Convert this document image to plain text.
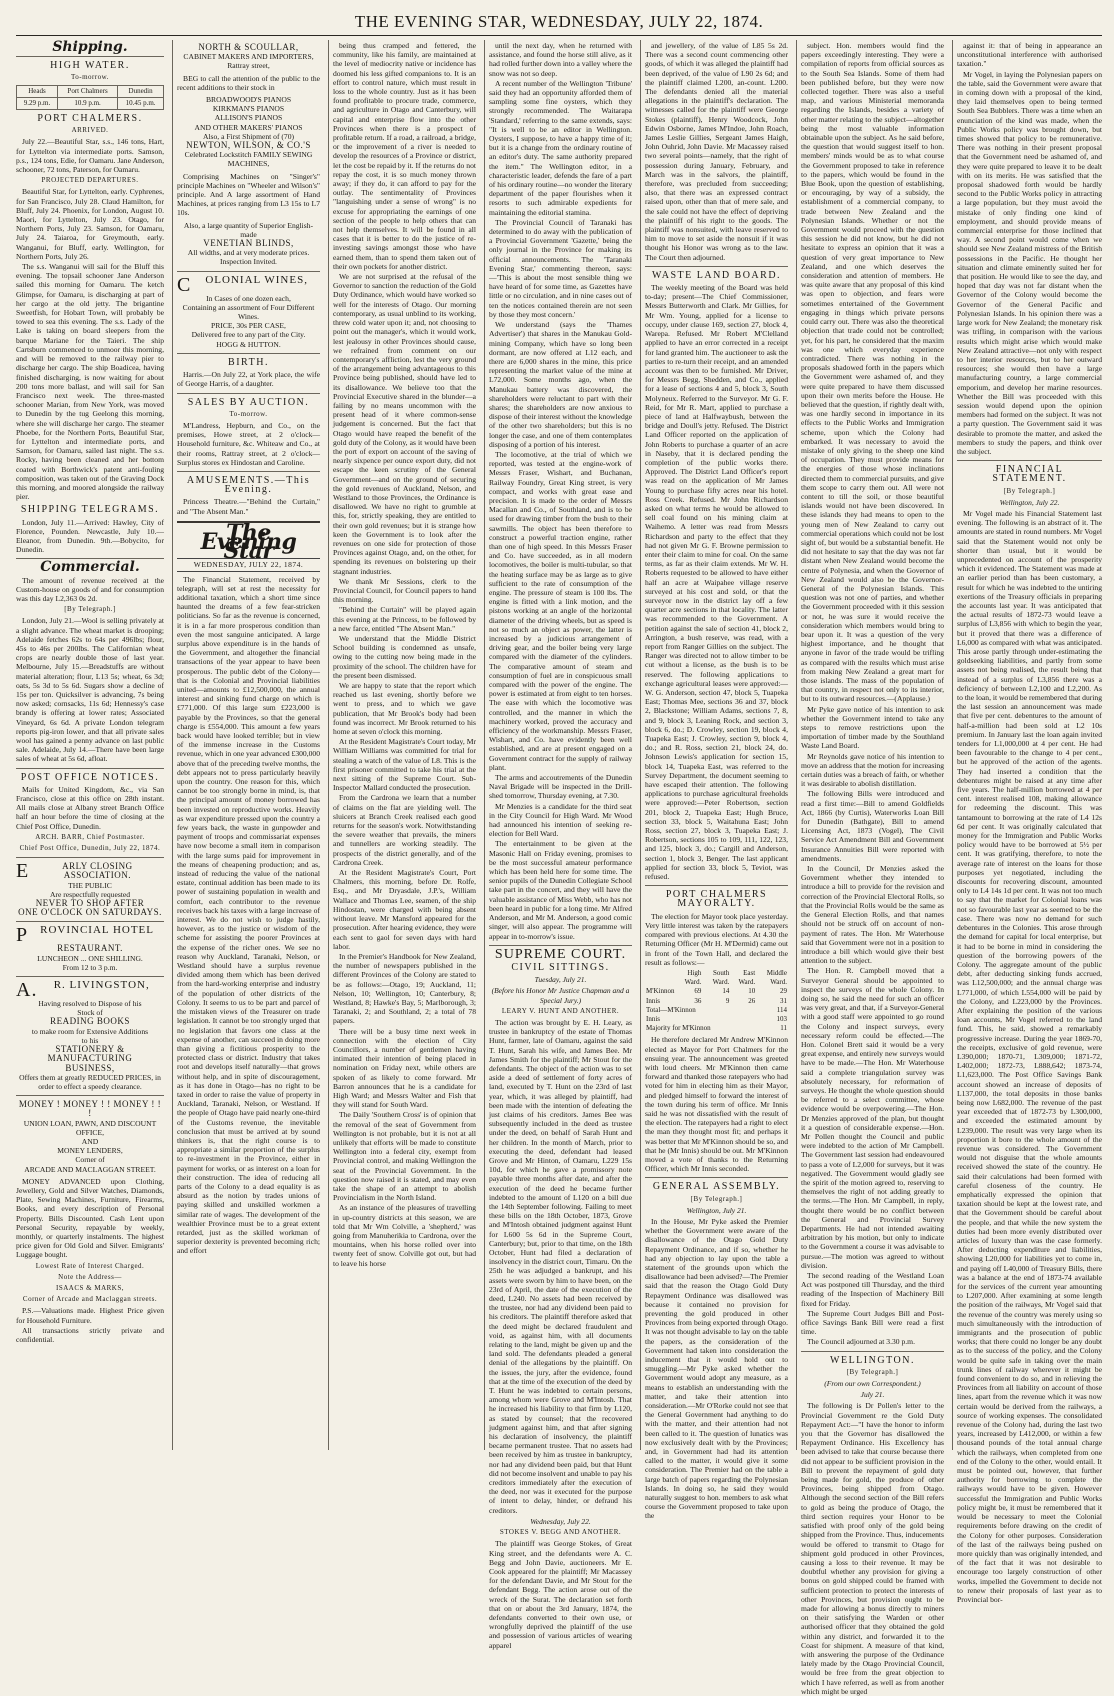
THE EVENING STAR, WEDNESDAY, JULY 22, 1874.
Shipping.
HIGH WATER.
To-morrow.
Heads	Port Chalmers	Dunedin
9.29 p.m.	10.9 p.m.	10.45 p.m.
PORT CHALMERS.
ARRIVED.

July 22.—Beautiful Star, s.s., 146 tons, Hart, for Lyttelton via intermediate ports. Samson, p.s., 124 tons, Edie, for Oamaru. Jane Anderson, schooner, 72 tons, Paterson, for Oamaru.

PROJECTED DEPARTURES.

Beautiful Star, for Lyttelton, early. Cyphrenes, for San Francisco, July 28. Claud Hamilton, for Bluff, July 24. Phoenix, for London, August 10. Maori, for Lyttelton, July 23. Otago, for Northern Ports, July 23. Samson, for Oamaru, July 24. Taiaroa, for Greymouth, early. Wanganui, for Bluff, early. Wellington, for Northern Ports, July 26.

The s.s. Wanganui will sail for the Bluff this evening. The topsail schooner Jane Anderson sailed this morning for Oamaru. The ketch Glimpse, for Oamaru, is discharging at part of her cargo at the old jetty. The brigantine Sweetfish, for Hobart Town, will probably be towed to sea this evening. The s.s. Lady of the Lake is taking on board sleepers from the barque Mariane for the Taieri. The ship Cartsburn commenced to unmoor this morning, and will be removed to the railway pier to discharge her cargo. The ship Boadicea, having finished discharging, is now waiting for about 200 tons more ballast, and will sail for San Francisco next week. The three-masted schooner Marian, from New York, was moved to Dunedin by the tug Geelong this morning, where she will discharge her cargo. The steamer Phoebe, for the Northern Ports, Beautiful Star, for Lyttelton and intermediate ports, and Samson, for Oamaru, sailed last night. The s.s. Rocky, having been cleaned and her bottom coated with Borthwick's patent anti-fouling composition, was taken out of the Graving Dock this morning, and moored alongside the railway pier.

SHIPPING TELEGRAMS.

London, July 11.—Arrived: Hawley, City of Florence, Pounden. Newcastle, July 10.—Eleanor, from Dunedin. 9th.—Bobycito, for Dunedin.

Commercial.

The amount of revenue received at the Custom-house on goods of and for consumption was this day L2,363 0s 2d.

[By Telegraph.]

London, July 21.—Wool is selling privately at a slight advance. The wheat market is drooping; Adelaide fetches 62s to 64s per 496lbs; flour, 45s to 46s per 200lbs. The Californian wheat crops are nearly double those of last year. Melbourne, July 15.—Breadstuffs are without material alteration; flour, L13 5s; wheat, 6s 3d; oats, 5s 3d to 5s 6d. Sugars show a decline of 15s per ton. Quicksilver is advancing, 7s being now asked; cornsacks, 11s 6d; Hennessy's case brandy is offering at lower rates; Associated Vineyard, 6s 6d. A private London telegram reports pig-iron lower, and that all private sales wool has gained a penny advance on last public sale. Adelaide, July 14.—There have been large sales of wheat at 5s 6d, afloat.

POST OFFICE NOTICES.

Mails for United Kingdom, &c., via San Francisco, close at this office on 28th instant. All mails close at Albany street Branch Office half an hour before the time of closing at the Chief Post Office, Dunedin.

ARCH. BARR, Chief Postmaster.
Chief Post Office, Dunedin, July 22, 1874.
E	ARLY CLOSING ASSOCIATION.
THE PUBLIC
Are respectfully requested
NEVER TO SHOP AFTER
ONE O'CLOCK ON SATURDAYS.
P ROVINCIAL HOTEL
RESTAURANT.
LUNCHEON ... ONE SHILLING.
From 12 to 3 p.m.
A. R. LIVINGSTON,
Having resolved to Dispose of his
Stock of
READING BOOKS
to make room for Extensive Additions
to his
STATIONERY & MANUFACTURING
BUSINESS,
Offers them at greatly REDUCED PRICES, in order to effect a speedy clearance.
MONEY ! MONEY ! ! MONEY ! ! !
UNION LOAN, PAWN, AND DISCOUNT OFFICE,
AND
MONEY LENDERS,
Corner of
ARCADE AND MACLAGGAN STREET.

MONEY ADVANCED upon Clothing, Jewellery, Gold and Silver Watches, Diamonds, Plate, Sewing Machines, Furniture, Firearms, Books, and every description of Personal Property. Bills Discounted. Cash Lent upon Personal Security, repayable by weekly, monthly, or quarterly instalments. The highest price given for Old Gold and Silver. Emigrants' Luggage bought.

Lowest Rate of Interest Charged.
Note the Address—
ISAACS & MARKS,
Corner of Arcade and Maclaggan streets.

P.S.—Valuations made. Highest Price given for Household Furniture.

All transactions strictly private and confidential.

NORTH & SCOULLAR,
CABINET MAKERS AND IMPORTERS, Rattray street,

BEG to call the attention of the public to the recent additions to their stock in

BROADWOOD'S PIANOS
KIRKMAN'S PIANOS
ALLISON'S PIANOS
AND OTHER MAKERS' PIANOS
Also, a First Shipment of (70)
NEWTON, WILSON, & CO.'S
Celebrated Lockstitch FAMILY SEWING MACHINES,

Comprising Machines on "Singer's" principle Machines on "Wheeler and Wilson's" principle. And A large assortment of Hand Machines, at prices ranging from L3 15s to L7 10s.

Also, a large quantity of Superior English-made
VENETIAN BLINDS,
All widths, and at very moderate prices.
Inspection Invited.
C OLONIAL WINES,
In Cases of one dozen each,
Containing an assortment of Four Different
Wines.
PRICE, 30s PER CASE,
Delivered free to any part of the City.
HOGG & HUTTON.
BIRTH.

Harris.—On July 22, at York place, the wife of George Harris, of a daughter.

SALES BY AUCTION.
To-morrow.

M'Landress, Hepburn, and Co., on the premises, Howe street, at 2 o'clock—Household furniture, &c. Whiteaw and Co., at their rooms, Rattray street, at 2 o'clock—Surplus stores ex Hindostan and Caroline.

AMUSEMENTS.—This Evening.

Princess Theatre.—"Behind the Curtain," and "The Absent Man."

The Evening Star
WEDNESDAY, JULY 22, 1874.

The Financial Statement, received by telegraph, will set at rest the necessity for additional taxation, which a short time since haunted the dreams of a few fear-stricken politicians. So far as the revenue is concerned, it is in a far more prosperous condition than even the most sanguine anticipated. A large surplus above expenditure is in the hands of the Government, and altogether the financial transactions of the year appear to have been prosperous. The public debt of the Colony—that is the Colonial and Provincial liabilities united—amounts to £12,500,000, the annual interest and sinking fund charge on which is £771,000. Of this large sum £223,000 is payable by the Provinces, so that the general charge is £554,000. This amount a few years back would have looked terrible; but in view of the immense increase in the Customs revenue, which in one year advanced £300,000 above that of the preceding twelve months, the debt appears not to press particularly heavily upon the country. One reason for this, which cannot be too strongly borne in mind, is, that the principal amount of money borrowed has been invested on reproductive works. Heavily as war expenditure pressed upon the country a few years back, the waste in gunpowder and payment of troops and commissariat expenses have now become a small item in comparison with the large sums paid for improvement in the means of cheapening production; and as, instead of reducing the value of the national estate, continual addition has been made to its power of sustaining population in wealth and comfort, each contributor to the revenue receives back his taxes with a large increase of interest. We do not wish to judge hastily, however, as to the justice or wisdom of the scheme for assisting the poorer Provinces at the expense of the richer ones. We see no reason why Auckland, Taranaki, Nelson, or Westland should have a surplus revenue divided among them which has been derived from the hard-working enterprise and industry of the population of other districts of the Colony. It seems to us to be part and parcel of the mistaken views of the Treasurer on trade legislation. It cannot be too strongly urged that no legislation that favors one class at the expense of another, can succeed in doing more than giving a fictitious prosperity to the protected class or district. Industry that takes root and develops itself naturally—that grows without help, and in spite of discouragement, as it has done in Otago—has no right to be taxed in order to raise the value of property in Auckland, Taranaki, Nelson, or Westland. If the people of Otago have paid nearly one-third of the Customs revenue, the inevitable conclusion that must be arrived at by sound thinkers is, that the right course is to appropriate a similar proportion of the surplus to re-investment in the Province, either in payment for works, or as interest on a loan for their construction. The idea of reducing all parts of the Colony to a dead equality is as absurd as the notion by trades unions of paying skilled and unskilled workmen a similar rate of wages. The development of the wealthier Province must be to a great extent retarded, just as the skilled workman of superior dexterity is prevented becoming rich; and effort

being thus cramped and fettered, the community, like his family, are maintained at the level of mediocrity native or incidence has doomed his less gifted companions to. It is an effort to control nature, which must result in loss to the whole country. Just as it has been found profitable to procure trade, commerce, and agriculture in Otago and Canterbury, will capital and enterprise flow into the other Provinces when there is a prospect of profitable return. If a road, a railroad, a bridge, or the improvement of a river is needed to develop the resources of a Province or district, let the cost be repaid by it. If the returns do not repay the cost, it is so much money thrown away; if they do, it can afford to pay for the outlay. The sentimentality of Provinces "languishing under a sense of wrong" is no excuse for appropriating the earnings of one section of the people to help others that can not help themselves. It will be found in all cases that it is better to do the justice of re-investing savings amongst those who have earned them, than to spend them taken out of their own pockets for another district.

We are not surprised at the refusal of the Governor to sanction the reduction of the Gold Duty Ordinance, which would have worked so well for the interests of Otago. Our morning contemporary, as usual unblind to its working, threw cold water upon it; and, not choosing to point out the manager's, which it would work, lest jealousy in other Provinces should cause, we refrained from comment on our contemporary's affliction, lest the very ground of the arrangement being advantageous to this Province being published, should have led to its disallowance. We believe too that the Provincial Executive shared in the blunder—a failing by no means uncommon with the present head of it where common-sense judgement is concerned. But the fact that Otago would have reaped the benefit of the gold duty of the Colony, as it would have been the port of export on account of the saving of nearly sixpence per ounce export duty, did not escape the keen scrutiny of the General Government—and on the ground of securing the gold revenues of Auckland, Nelson, and Westland to those Provinces, the Ordinance is disallowed. We have no right to grumble at this, for, strictly speaking, they are entitled to their own gold revenues; but it is strange how keen the Government is to look after the revenues on one side for protection of those Provinces against Otago, and, on the other, for spending its revenues on bolstering up their stagnant industries.

We thank Mr Sessions, clerk to the Provincial Council, for Council papers to hand this morning.

"Behind the Curtain" will be played again this evening at the Princess, to be followed by a new farce, entitled "The Absent Man."

We understand that the Middle District School building is condemned as unsafe, owing to the cutting now being made in the proximity of the school. The children have for the present been dismissed.

We are happy to state that the report which reached us last evening, shortly before we went to press, and to which we gave publication, that Mr Brook's body had been found was incorrect. Mr Brook returned to his home at seven o'clock this morning.

At the Resident Magistrate's Court today, Mr William Williams was committed for trial for stealing a watch of the value of L8. This is the first prisoner committed to take his trial at the next sitting of the Supreme Court. Sub-Inspector Mallard conducted the prosecution.

From the Cardrona we learn that a number of claims on the flat are yielding well. The sluicers at Branch Creek realised each good returns for the season's work. Notwithstanding the severe weather that prevails, the miners and tunnellers are working steadily. The prospects of the district generally, and of the Cardrona Creek.

At the Resident Magistrate's Court, Port Chalmers, this morning, before Dr. Rolfe, Esq., and Mr Dryasdale, J.P.'s, William Wallace and Thomas Lee, seamen, of the ship Hindostan, were charged with being absent without leave. Mr Mansford appeared for the prosecution. After hearing evidence, they were each sent to gaol for seven days with hard labor.

In the Premier's Handbook for New Zealand, the number of newspapers published in the different Provinces of the Colony are stated to be as follows:—Otago, 19; Auckland, 11; Nelson, 10; Wellington, 10; Canterbury, 8; Westland, 8; Hawke's Bay, 5; Marlborough, 3; Taranaki, 2; and Southland, 2; a total of 78 papers.

There will be a busy time next week in connection with the election of City Councillors, a number of gentlemen having intimated their intention of being placed in nomination on Friday next, while others are spoken of as likely to come forward. Mr Barron announces that he is a candidate for High Ward; and Messrs Walter and Fish that they will stand for South Ward.

The Daily 'Southern Cross' is of opinion that the removal of the seat of Government from Wellington is not probable, but it is not at all unlikely that efforts will be made to constitute Wellington into a federal city, exempt from Provincial control, and making Wellington the seat of the Provincial Government. In the question now raised it is stated, and may even take the shape of an attempt to abolish Provincialism in the North Island.

As an instance of the pleasures of travelling in up-country districts at this season, we are told that Mr Wm Colville, a 'shepherd,' was going from Manuherikia to Cardrona, over the mountains, when his horse rolled over into twenty feet of snow. Colville got out, but had to leave his horse

until the next day, when he returned with assistance, and found the horse still alive, as it had rolled further down into a valley where the snow was not so deep.

A recent number of the Wellington 'Tribune' said they had an opportunity afforded them of sampling some fine oysters, which they strongly recommended. The Waitarapa 'Standard,' referring to the same extends, says: "It is well to be an editor in Wellington. Oysters, I suppose, to have a happy time of it; but it is a change from the ordinary routine of an editor's duty. The same authority prepared the item." The Wellington editor, in a characteristic leader, defends the fare of a part of his ordinary routine—no wonder the literary department of the paper flourishes when it resorts to such admirable expedients for maintaining the editorial stamina.

The Provincial Council of Taranaki has determined to do away with the publication of a Provincial Government 'Gazette,' being the only journal in the Province for making its official announcements. The 'Taranaki Evening Star,' commenting thereon, says:—'This is about the most sensible thing we have heard of for some time, as Gazettes have little or no circulation, and in nine cases out of ten the notices contained therein are not seen by those they most concern.'

We understand (says the 'Thames Advertiser') that shares in the Manukau Gold-mining Company, which have so long been dormant, are now offered at L12 each, and there are 6,000 shares in the mine, this price representing the market value of the mine at L72,000. Some months ago, when the Manukau battery was discovered, the shareholders were reluctant to part with their shares; the shareholders are now anxious to dispose of their interest without the knowledge of the other two shareholders; but this is no longer the case, and one of them contemplates disposing of a portion of his interest.

The locomotive, at the trial of which we reported, was tested at the engine-work of Messrs Fraser, Wishart, and Buchanan, Railway Foundry, Great King street, is very compact, and works with great ease and precision. It is made to the order of Messrs Macallan and Co., of Southland, and is to be used for drawing timber from the bush to their sawmills. The object has been therefore to construct a powerful traction engine, rather than one of high speed. In this Messrs Fraser and Co. have succeeded, as in all modern locomotives, the boiler is multi-tubular, so that the heating surface may be as large as to give sufficient to the rate of consumption of the engine. The pressure of steam is 100 lbs. The engine is fitted with a link motion, and the pistons working at an angle of the horizontal diameter of the driving wheels, but as speed is not so much an object as power, the latter is increased by a judicious arrangement of driving gear, and the boiler being very large compared with the diameter of the cylinders. The comparative amount of steam and consumption of fuel are in conspicuous small compared with the power of the engine. The power is estimated at from eight to ten horses. The ease with which the locomotive was controlled, and the manner in which the machinery worked, proved the accuracy and efficiency of the workmanship. Messrs Fraser, Wishart, and Co. have evidently been well established, and are at present engaged on a Government contract for the supply of railway plant.

The arms and accoutrements of the Dunedin Naval Brigade will be inspected in the Drill-shed tomorrow, Thursday evening, at 7.30.

Mr Menzies is a candidate for the third seat in the City Council for High Ward. Mr Wood had announced his intention of seeking re-election for Bell Ward.

The entertainment to be given at the Masonic Hall on Friday evening, promises to be the most successful amateur performance which has been held here for some time. The senior pupils of the Dunedin Collegiate School take part in the concert, and they will have the valuable assistance of Miss Webb, who has not been heard in public for a long time. Mr Alfred Anderson, and Mr M. Anderson, a good comic singer, will also appear. The programme will appear in to-morrow's issue.

SUPREME COURT.
CIVIL SITTINGS.
Tuesday, July 21.
(Before his Honor Mr Justice Chapman and a Special Jury.)
LEARY V. HUNT AND ANOTHER.

The action was brought by E. H. Leary, as trustee in bankruptcy of the estate of Thomas Hunt, farmer, late of Oamaru, against the said T. Hunt, Sarah his wife, and James Bee. Mr James Smith for the plaintiff; Mr Stout for the defendants. The object of the action was to set aside a deed of settlement of forty acres of land, executed by T. Hunt on the 23rd of last year, which, it was alleged by plaintiff, had been made with the intention of defeating the just claims of his creditors. James Bee was subsequently included in the deed as trustee under the deed, on behalf of Sarah Hunt and her children. In the month of March, prior to executing the deed, defendant had leased Grove and Mr Hinton, of Oamaru, L229 15s 10d, for which he gave a promissory note payable three months after date, and after the execution of the deed he became further indebted to the amount of L120 on a bill due the 14th September following. Failing to meet these bills on the 18th October, 1873, Grove and M'Intosh obtained judgment against Hunt for L600 5s 6d in the Supreme Court, Canterbury; but, prior to that time, on the 18th October, Hunt had filed a declaration of insolvency in the district court, Timaru. On the 25th he was adjudged a bankrupt, and his assets were sworn by him to have been, on the 23rd of April, the date of the execution of the deed, L240. No assets had been received by the trustee, nor had any dividend been paid to his creditors. The plaintiff therefore asked that the deed might be declared fraudulent and void, as against him, with all documents relating to the land, might be given up and the land sold. The defendants pleaded a general denial of the allegations by the plaintiff. On the issues, the jury, after the evidence, found that at the time of the execution of the deed by T. Hunt he was indebted to certain persons, among whom were Grove and M'Intosh. That he increased his liability to that firm by L120, as stated by counsel; that the recovered judgment against him, and that after signing his declaration of insolvency, the plaintiff became permanent trustee. That no assets had been received by him as trustee in bankruptcy, nor had any dividend been paid, but that Hunt did not become insolvent and unable to pay his creditors immediately after the execution of the deed, nor was it executed for the purpose of intent to delay, hinder, or defraud his creditors.

Wednesday, July 22.
STOKES V. BEGG AND ANOTHER.

The plaintiff was George Stokes, of Great King street, and the defendants were A. C. Begg and John Davie, auctioneers. Mr E. Cook appeared for the plaintiff; Mr Macassey for the defendant Davie, and Mr Stout for the defendant Begg. The action arose out of the wreck of the Surat. The declaration set forth that on or about the 3rd January, 1874, the defendants converted to their own use, or wrongfully deprived the plaintiff of the use and possession of various articles of wearing apparel

and jewellery, of the value of L85 5s 2d. There was a second count commencing other goods, of which it was alleged the plaintiff had been deprived, of the value of L90 2s 6d; and the plaintiff claimed L200, an-count. L200. The defendants denied all the material allegations in the plaintiff's declaration. The witnesses called for the plaintiff were George Stokes (plaintiff), Henry Woodcock, John Edwin Osborne, James M'Indoe, John Roach, James Leslie Gillies, Sergeant James Haigh, John Ouhrid, John Davie. Mr Macassey raised two several points—namely, that the right of possession during January, February, and March was in the salvors, the plaintiff, therefore, was precluded from succeeding; also, that there was an expressed contract raised upon, other than that of mere sale, and the sale could not have the effect of depriving the plaintiff of his right to the goods. The plaintiff was nonsuited, with leave reserved to him to move to set aside the nonsuit if it was thought his Honor was wrong as to the law. The Court then adjourned.

WASTE LAND BOARD.

The weekly meeting of the Board was held to-day; present—The Chief Commissioner, Messrs Butterworth and Clark. Mr Gillies, for Mr Wm. Young, applied for a license to occupy, under clause 169, section 27, block 4, Warepa. Refused. Mr Robert M'Clelland applied to have an error corrected in a receipt for land granted him. The auctioneer to ask the parties to re-turn their receipt, and an amended account was then to be furnished. Mr Driver, for Messrs Begg, Shedden, and Co., applied for a lease of sections 4 and 5, block 3, South Molyneux. Referred to the Surveyor. Mr G. F. Reid, for Mr R. Mart, applied to purchase a piece of land at Halfwaybush, between the bridge and Doull's jetty. Refused. The District Land Officer reported on the application of John Roberts to purchase a quarter of an acre in Naseby, that it is declared pending the completion of the public works there. Approved. The District Land Officer's report was read on the application of Mr James Young to purchase fifty acres near his hotel. Ross Creek. Refused. Mr John Richardson asked on what terms he would be allowed to sell coal found on his mining claim at Waihemo. A letter was read from Messrs Richardson and party to the effect that they had not given Mr G. F. Browne permission to enter their claim to mine for coal. On the same terms, as far as their claim extends. Mr W. H. Roberts requested to be allowed to have either half an acre at Waipahee village reserve surveyed at his cost and sold, or that the surveyor now in the district lay off a few quarter acre sections in that locality. The latter was recommended to the Government. A petition against the sale of section 41, block 2, Arrington, a bush reserve, was read, with a report from Ranger Gillies on the subject. The Ranger was directed not to allow timber to be cut without a license, as the bush is to be reserved. The following applications to exchange agricultural leases were approved:—W. G. Anderson, section 47, block 5, Tuapeka East; Thomas Mee, sections 36 and 37, block 2, Blackstone; William Adams, sections 7, 8, and 9, block 3, Leaning Rock, and section 3, block 6, do.; D. Crowley, section 19, block 4, Tuapeka East; J. Crowley, section 9, block 4, do.; and R. Ross, section 21, block 24, do. Johnson Lewis's application for section 15, block 14, Tuapeka East, was referred to the Survey Department, the document seeming to have escaped their attention. The following applications to purchase agricultural freeholds were approved:—Peter Robertson, section 201, block 2, Tuapeka East; Hugh Bruce, section 33, block 5, Waitahuna East; John Ross, section 27, block 3, Tuapeka East; J. Robertson, sections 105 to 109, 111, 122, 123, and 125, block 3, do.; Cargill and Anderson, section 1, block 3, Benger. The last applicant applied for section 33, block 5, Teviot, was refused.

PORT CHALMERS MAYORALTY.

The election for Mayor took place yesterday. Very little interest was taken by the ratepayers compared with previous elections. At 4.30 the Returning Officer (Mr H. M'Dermid) came out in front of the Town Hall, and declared the result as follows:—

	High Ward.	South Ward.	East Ward.	Middle Ward.
M'Kinnon	69	14	10	29
Innis	36	9	26	31
Total—M'Kinnon				114
Innis				103
Majority for M'Kinnon				11

He therefore declared Mr Andrew M'Kinnon elected as Mayor for Port Chalmers for the ensuing year. The announcement was greeted with loud cheers. Mr M'Kinnon then came forward and thanked those ratepayers who had voted for him in electing him as their Mayor, and pledged himself to forward the interest of the town during his term of office. Mr Innis said he was not dissatisfied with the result of the election. The ratepayers had a right to elect the man they thought most fit; and perhaps it was better that Mr M'Kinnon should be so, and that he (Mr Innis) should be out. Mr M'Kinnon moved a vote of thanks to the Returning Officer, which Mr Innis seconded.

GENERAL ASSEMBLY.
[By Telegraph.]
Wellington, July 21.

In the House, Mr Pyke asked the Premier whether the Government were aware of the disallowance of the Otago Gold Duty Repayment Ordinance, and if so, whether he had any objection to lay upon the table a statement of the grounds upon which the disallowance had been advised?—The Premier said that the reason the Otago Gold Duty Repayment Ordinance was disallowed was because it contained no provision for preventing the gold produced in other Provinces from being exported through Otago. It was not thought advisable to lay on the table the papers, as the consideration of the Government had taken into consideration the inducement that it would hold out to smuggling.—Mr Pyke asked whether the Government would adopt any measure, as a means to establish an understanding with the matter, and take their attention into consideration.—Mr O'Rorke could not see that the General Government had anything to do with the matter, and their attention had not been called to it. The question of lunatics was now exclusively dealt with by the Provinces; and, in Government had had its attention called to the matter, it would give it some consideration. The Premier had on the table a large batch of papers regarding the Polynesian Islands. In doing so, he said they would naturally suggest to hon. members to ask what course the Government proposed to take upon the

subject. Hon. members would find the papers exceedingly interesting. They were a compilation of reports from official sources as to the South Sea Islands. Some of them had been published before, but they were now collected together. There was also a useful map, and various Ministerial memoranda regarding the Islands, besides a variety of other matter relating to the subject—altogether being the most valuable information obtainable upon the subject. As he said before, the question that would suggest itself to hon. members' minds would be as to what course the Government proposed to take in reference to the papers, which would be found in the Blue Book, upon the question of establishing, or encouraging, by way of a subsidy, the establishment of a commercial company, to trade between New Zealand and the Polynesian Islands. Whether or not the Government would proceed with the question this session he did not know, but he did not hesitate to express an opinion that it was a question of very great importance to New Zealand, and one which deserves the consideration and attention of members. He was quite aware that any proposal of this kind was open to objection, and fears were sometimes entertained of the Government engaging in things which private persons could carry out. There was also the theoretical objection that trade could not be controlled; yet, for his part, he considered that the maxim was one which everyday experience contradicted. There was nothing in the proposals shadowed forth in the papers which the Government were ashamed of, and they were quite prepared to have them discussed upon their own merits before the House. He believed that the question, if rightly dealt with, was one hardly second in importance in its effects to the Public Works and Immigration scheme, upon which the Colony had embarked. It was necessary to avoid the mistake of only giving to the sheep one kind of occupation. They must provide means for the energies of those whose inclinations directed them to commercial pursuits, and give them scope to carry them out. All were not content to till the soil, or those beautiful islands would not have been discovered. In these islands they had means to open to the young men of New Zealand to carry out commercial operations which could not be lost sight of, but would be a substantial benefit. He did not hesitate to say that the day was not far distant when New Zealand would become the centre of Polynesia, and when the Governor of New Zealand would also be the Governor-General of the Polynesian Islands. This question was not one of parties, and whether the Government proceeded with it this session or not, he was sure it would receive the consideration which members would bring to bear upon it. It was a question of the very highest importance, and he thought that anyone in favor of the trade would be trifling as compared with the results which must arise from making New Zealand a great mart for those islands. The mass of the population of that country, in respect not only to its interior, but to its outward resources.—(Applause.)

Mr Pyke gave notice of his intention to ask whether the Government intend to take any steps to remove restrictions upon the importation of timber made by the Southland Waste Land Board.

Mr Reynolds gave notice of his intention to move an address that the motion for increasing certain duties was a breach of faith, or whether it was desirable to abolish distillation.

The following Bills were introduced and read a first time:—Bill to amend Goldfields Act, 1866 (by Curtis), Waterworks Loan Bill for Dunedin (Bathgate), Bill to amend Licensing Act, 1873 (Vogel), The Civil Service Act Amendment Bill and Government Insurance Annuities Bill were reported with amendments.

In the Council, Dr Menzies asked the Government whether they intended to introduce a bill to provide for the revision and correction of the Provincial Electoral Rolls, so that the Provincial Rolls would be the same as the General Election Rolls, and that names should not be struck off on account of non-payment of rates. The Hon. Mr Waterhouse said that Government were not in a position to introduce a bill which would give their best attention to the subject.

The Hon. R. Campbell moved that a Surveyor General should be appointed to inspect the surveys of the whole Colony. In doing so, he said the need for such an officer was very great, and that, if a Surveyor-General with a good staff were appointed to go round the Colony and inspect surveys, every necessary reform could be effected.—The Hon. Colonel Brett said it would be a very great expense, and entirely new surveys would have to be made.—The Hon. Mr Waterhouse said a complete triangulation survey was absolutely necessary, for reformation of surveys. He thought the whole question should be referred to a select committee, whose evidence would be overpowering.—The Hon. Dr Menzies approved of the plan, but thought it a question of considerable expense.—Hon. Mr Pollen thought the Council and public were indebted to the action of Mr Campbell. The Government last session had endeavoured to pass a vote of L2,000 for surveys, but it was negatived. The Government would gladly see the spirit of the motion agreed to, reserving to themselves the right of not adding greatly to the terms.—The Hon. Mr Campbell, in reply, thought there would be no conflict between the General and Provincial Survey Departments. He had not intended awaiting arbitration by his motion, but only to indicate to the Government a course it was advisable to pursue.—The motion was agreed to without division.

The second reading of the Westland Loan Act was postponed till Thursday, and the third reading of the Inspection of Machinery Bill fixed for Friday.

The Supreme Court Judges Bill and Post-office Savings Bank Bill were read a first time.

The Council adjourned at 3.30 p.m.

WELLINGTON.
[By Telegraph.]
(From our own Correspondent.)
July 21.

The following is Dr Pollen's letter to the Provincial Government re the Gold Duty Repayment Act:—"I have the honor to inform you that the Governor has disallowed the Repayment Ordinance. His Excellency has been advised to take that course because there did not appear to be sufficient provision in the Bill to prevent the repayment of gold duty being made for gold, the produce of other Provinces, being shipped from Otago. Although the second section of the Bill refers to gold as being the produce of Otago, the third section requires your Honor to be satisfied with proof only of the gold being shipped from the Province. Thus, inducements would be offered to transmit to Otago for shipment gold produced in other Provinces, causing a loss to their revenue. It may be doubtful whether any provision for giving a bonus on gold shipped could be framed with sufficient protection to protect the interests of other Provinces, but provision ought to be made for allowing a bonus directly to miners on their satisfying the Warden or other authorised officer that they obtained the gold within any district, and forwarded it to the Coast for shipment. A measure of that kind, with answering the purpose of the Ordinance lately made by the Otago Provincial Council, would be free from the great objection to which I have referred, as well as from another which might be urged

against it: that of being in appearance an unconstitutional interference with authorised taxation."

Mr Vogel, in laying the Polynesian papers on the table, said the Government were aware that in coming down with a proposal of the kind, they laid themselves open to being termed South Sea Bubblers. There was a time when an enunciation of the kind was made, when the Public Works policy was brought down, but times showed that policy to be remunerative. There was nothing in their present proposal that the Government need be ashamed of, and they were quite prepared to leave it to be dealt with on its merits. He was satisfied that the proposal shadowed forth would be hardly second to the Public Works policy in attracting a large population, but they must avoid the mistake of only finding one kind of employment, and should provide means of commercial enterprise for those inclined that way. A second point would come when we should see New Zealand mistress of the British possessions in the Pacific. He thought her situation and climate eminently suited her for that position. He would like to see the day, and hoped that day was not far distant when the Governor of the Colony would become the Governor of the General Pacific and Polynesian Islands. In his opinion there was a large work for New Zealand; the monetary risk was trifling, in comparison with the various results which might arise which would make New Zealand attractive—not only with respect to her interior resources, but to her outward resources; she would then have a large manufacturing country, a large commercial emporium, and develop her marine resources. Whether the Bill was proceeded with this session would depend upon the opinion members had formed on the subject. It was not a party question. The Government said it was desirable to promote the matter, and asked the members to study the papers, and think over the subject.

FINANCIAL STATEMENT.
[By Telegraph.]
Wellington, July 22.

Mr Vogel made his Financial Statement last evening. The following is an abstract of it. The amounts are stated in round numbers. Mr Vogel said that the Statement would not only be shorter than usual, but it would be unprecedented on account of the prosperity which it evidenced. The Statement was made at an earlier period than has been customary, a result for which he was indebted to the untiring exertions of the Treasury officials in preparing the accounts last year. It was anticipated that the actual results of 1872-73 would leave a surplus of L3,856 with which to begin the year, but it proved that there was a difference of L6,000 as compared with what was anticipated. This arose partly through under-estimating the goldseeking liabilities, and partly from some assets not being realised, the result being that instead of a surplus of L3,856 there was a deficiency of between L2,100 and L2,200. As to the loan, it would be remembered that during the last session an announcement was made that five per cent. debentures to the amount of half-a-million had been sold at L2 10s premium. In January last the loan again invited tenders for L1,000,000 at 4 per cent. He had been favourable to the change to 4 per cent., but he approved of the action of the agents. They had inserted a condition that the debentures might be raised at any time after five years. The half-million borrowed at 4 per cent. interest realised 108, making allowance for redeeming the discount. This was tantamount to borrowing at the rate of L4 12s 6d per cent. It was originally calculated that money for the Immigration and Public Works policy would have to be borrowed at 5½ per cent. It was gratifying, therefore, to note the average rate of interest on the loans for those purposes yet negotiated, including the discounts for recovering discount, amounted only to L4 14s 1d per cent. It was not too much to say that the market for Colonial loans was not so favourable last year as seemed to be the case. There was now no demand for such debentures in the Colonies. This arose through the demand for capital for local enterprise, but it had to be borne in mind in considering the question of the borrowing powers of the Colony. The aggregate amount of the public debt, after deducting sinking funds accrued, was L12,500,000; and the annual charge was L771,000, of which L554,000 will be paid by the Colony, and L223,000 by the Provinces. After explaining the position of the various loan accounts, Mr Vogel referred to the land fund. This, he said, showed a remarkably progressive increase. During the year 1869-70, the receipts, exclusive of gold revenue, were L390,000; 1870-71, L309,000; 1871-72, L402,000; 1872-73, L888,642; 1873-74, L1,623,000. The Post Office Savings Bank account showed an increase of deposits of L137,000, the total deposits in those banks being now L682,000. The revenue of the past year exceeded that of 1872-73 by L300,000, and exceeded the estimated amount by L239,000. The result was very large when its proportion it bore to the whole amount of the revenue was considered. The Government would not disguise that the whole amounts received showed the state of the country. He said their calculations had been formed with careful closeness of the country. He emphatically expressed the opinion that taxation should be kept at the lowest rate, and that the Government should be careful about the people, and that while the new system the duties had been more evenly distributed over articles of luxury than was the case formerly. After deducting expenditure and liabilities, showing L20,000 for liabilities yet to come in, and paying off L40,000 of Treasury Bills, there was a balance at the end of 1873-74 available for the services of the current year amounting to L207,000. After examining at some length the position of the railways, Mr Vogel said that the revenue of the country was merely using so much simultaneously with the introduction of immigrants and the prosecution of public works; that there could no longer be any doubt as to the success of the policy, and the Colony would be quite safe in taking over the main trunk lines of railway wherever it might be found convenient to do so, and in relieving the Provinces from all liability on account of those lines, apart from the revenue which it was now certain would be derived from the railways, a source of working expenses. The consolidated revenue of the Colony had, during the last two years, increased by L412,000, or within a few thousand pounds of the total annual charge which the railways, when completed from one end of the Colony to the other, would entail. It must be pointed out, however, that further authority for borrowing to complete the railways would have to be given. However successful the Immigration and Public Works policy might be, it must be remembered that it would be necessary to meet the Colonial requirements before drawing on the credit of the Colony for other purposes. Consideration of the last of the railways being pushed on more quickly than was originally intended, and of the fact that it was not desirable to encourage too largely construction of other works, impelled the Government to decide not to renew their proposals of last year as to Provincial bor-
